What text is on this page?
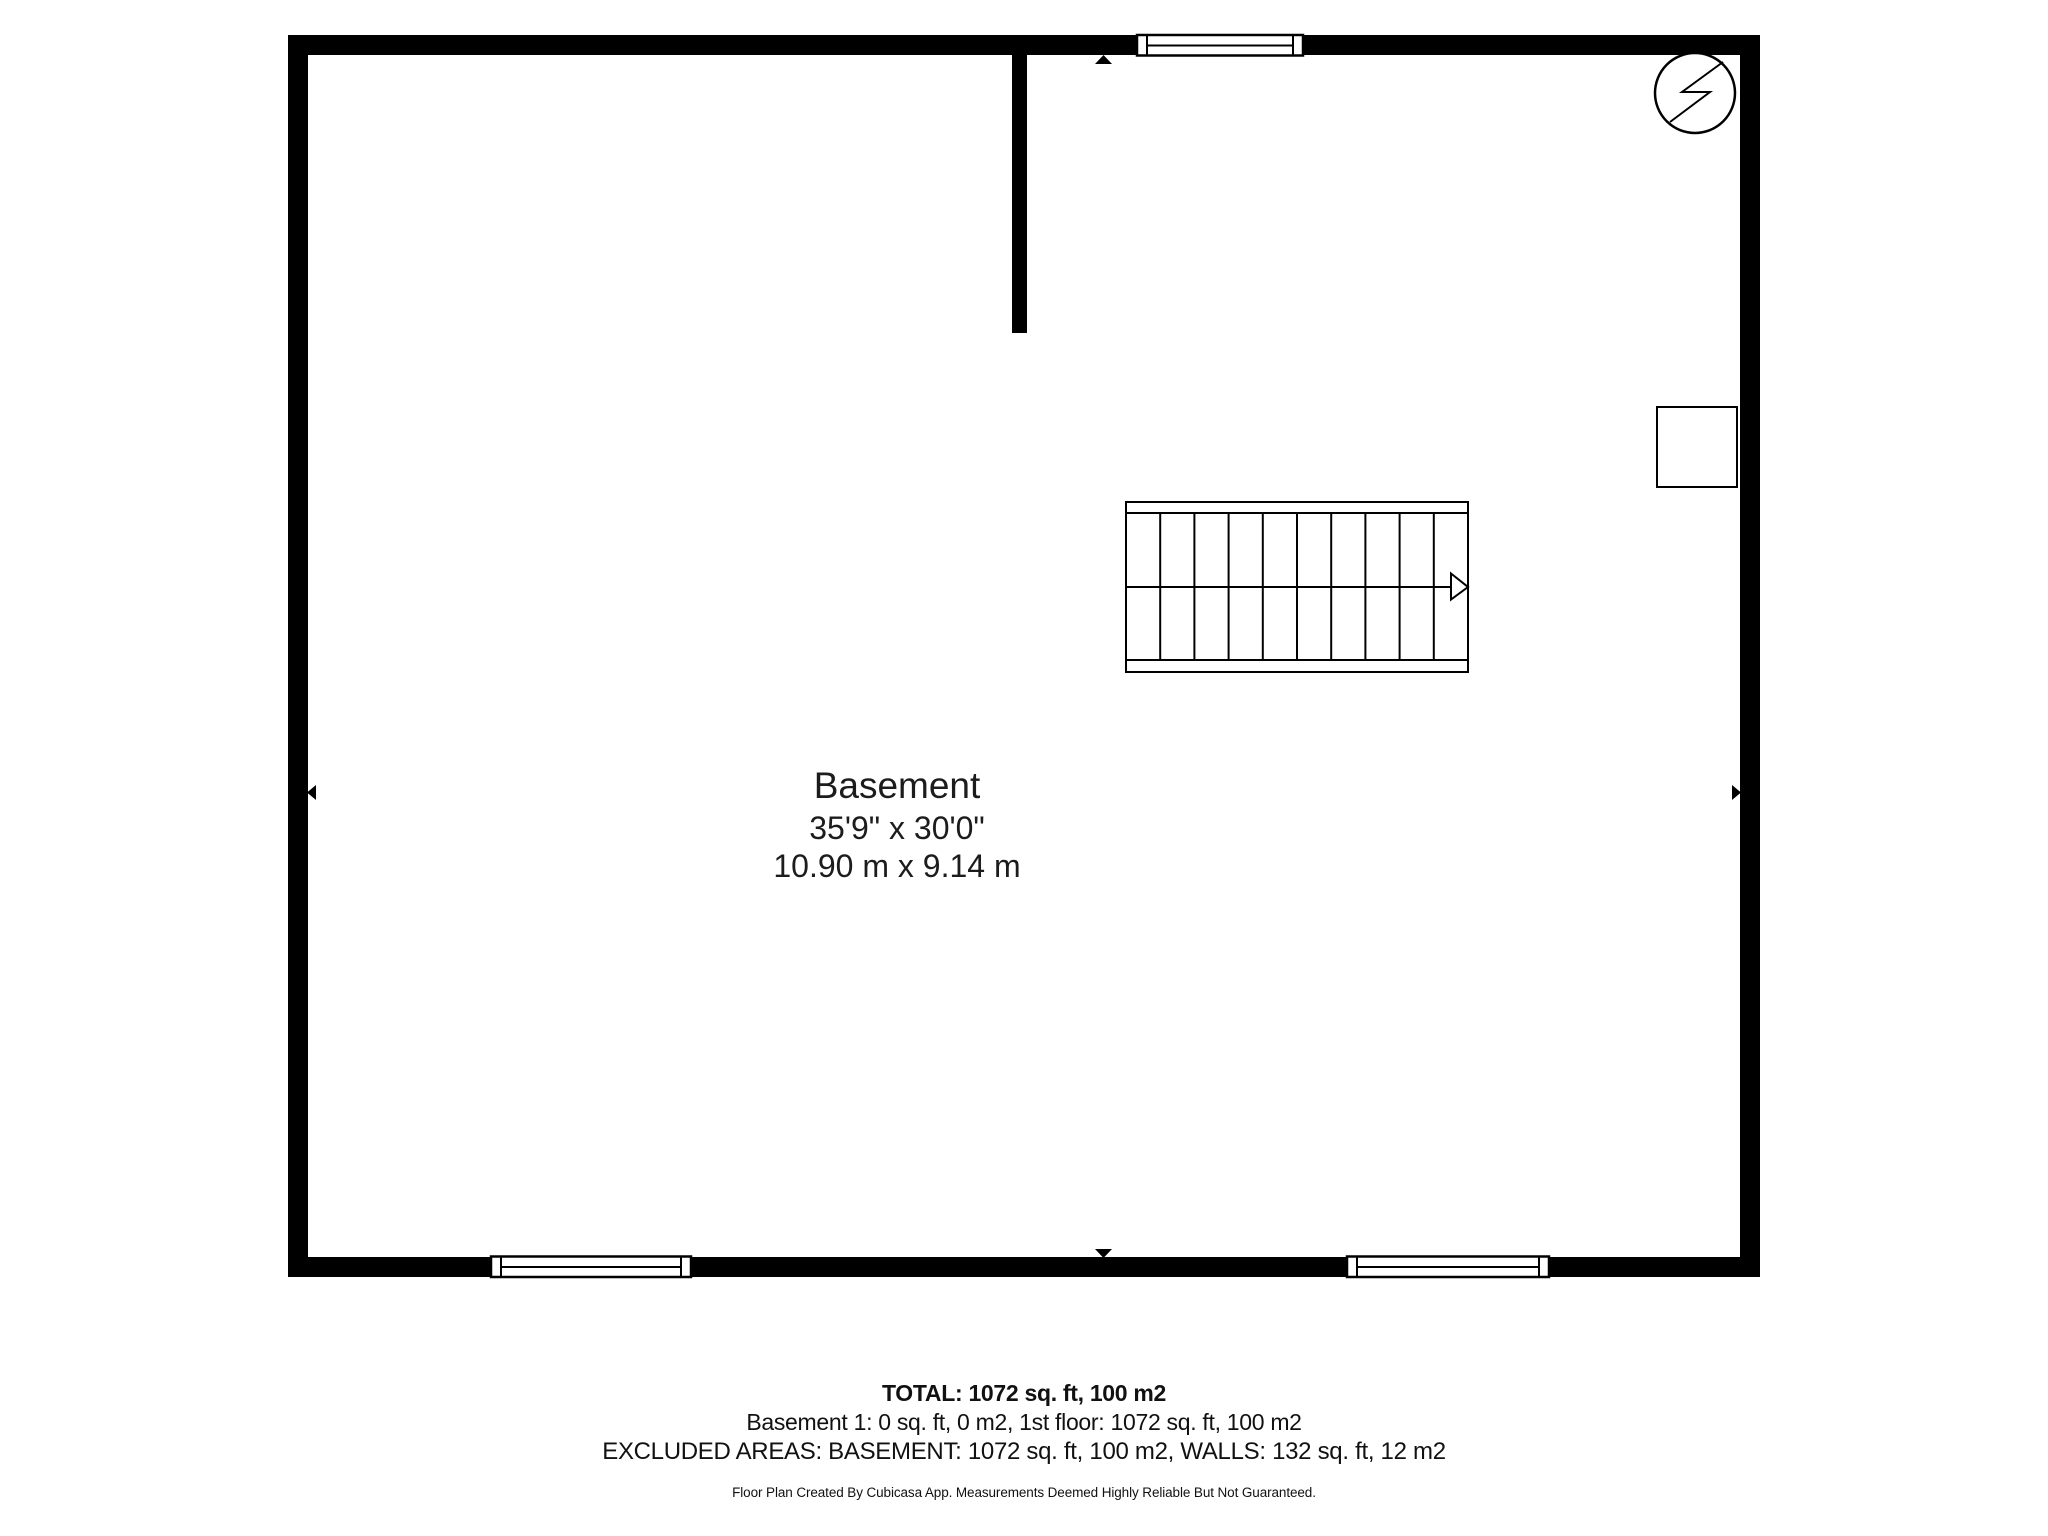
Basement
35'9" x 30'0"
10.90 m x 9.14 m
TOTAL: 1072 sq. ft, 100 m2
Basement 1: 0 sq. ft, 0 m2, 1st floor: 1072 sq. ft, 100 m2
EXCLUDED AREAS: BASEMENT: 1072 sq. ft, 100 m2, WALLS: 132 sq. ft, 12 m2
Floor Plan Created By Cubicasa App. Measurements Deemed Highly Reliable But Not Guaranteed.
